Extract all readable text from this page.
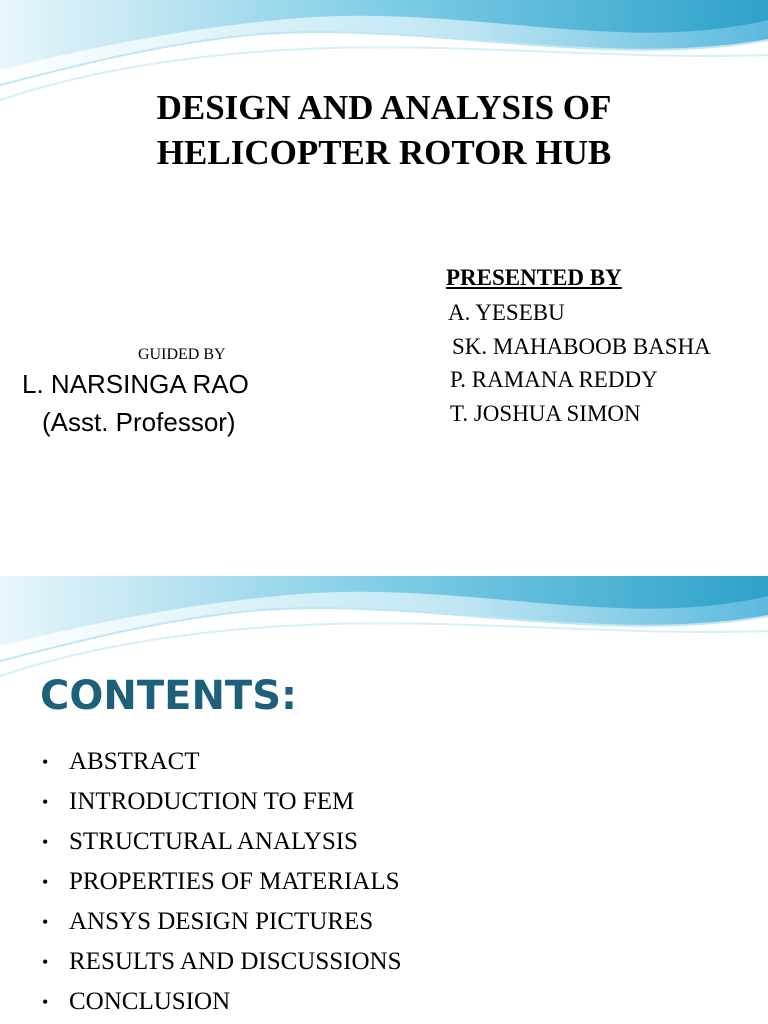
DESIGN AND ANALYSIS OF
HELICOPTER ROTOR HUB
GUIDED BY
L. NARSINGA RAO
(Asst. Professor)
PRESENTED BY
A. YESEBU
SK. MAHABOOB BASHA
P. RAMANA REDDY
T. JOSHUA SIMON
CONTENTS:
• ABSTRACT
• INTRODUCTION TO FEM
• STRUCTURAL ANALYSIS
• PROPERTIES OF MATERIALS
• ANSYS DESIGN PICTURES
• RESULTS AND DISCUSSIONS
• CONCLUSION
